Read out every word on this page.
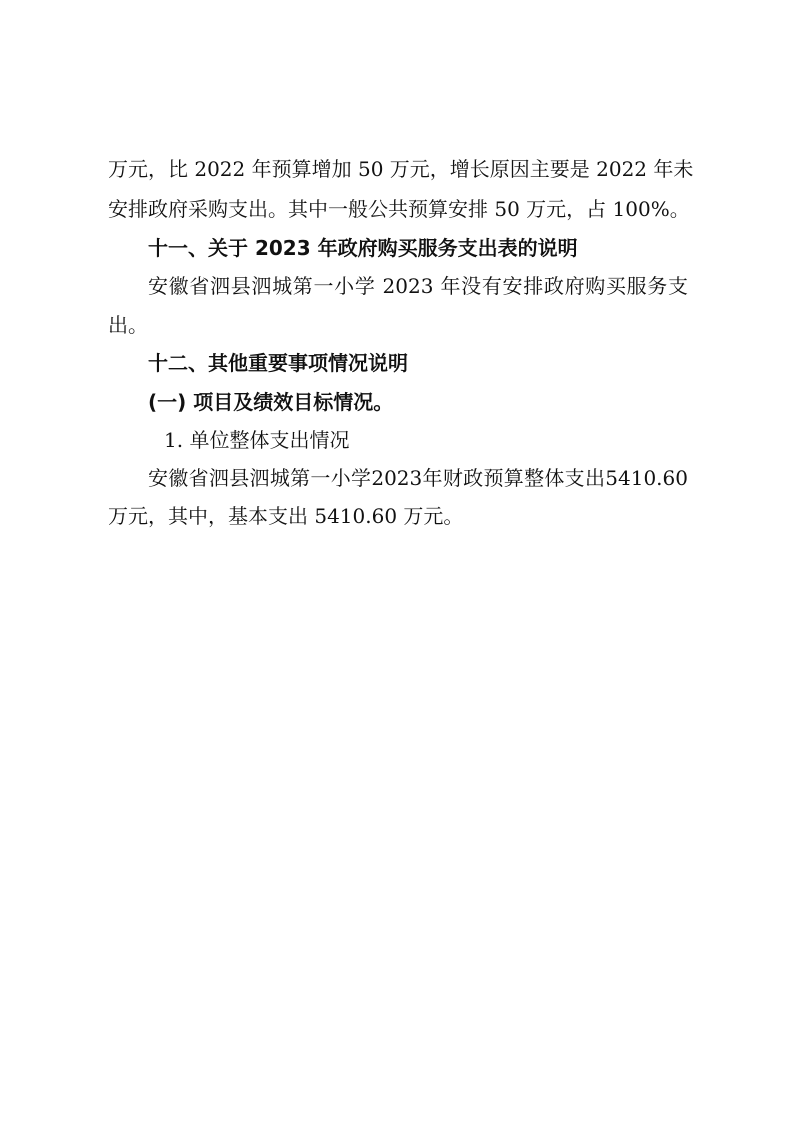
万元，比 2022 年预算增加 50 万元，增长原因主要是 2022 年未
安排政府采购支出。其中一般公共预算安排 50 万元，占 100%。
十一、关于 2023 年政府购买服务支出表的说明
安徽省泗县泗城第一小学 2023 年没有安排政府购买服务支
出。
十二、其他重要事项情况说明
(一) 项目及绩效目标情况。
1. 单位整体支出情况
安徽省泗县泗城第一小学2023年财政预算整体支出5410.60
万元，其中，基本支出 5410.60 万元。
